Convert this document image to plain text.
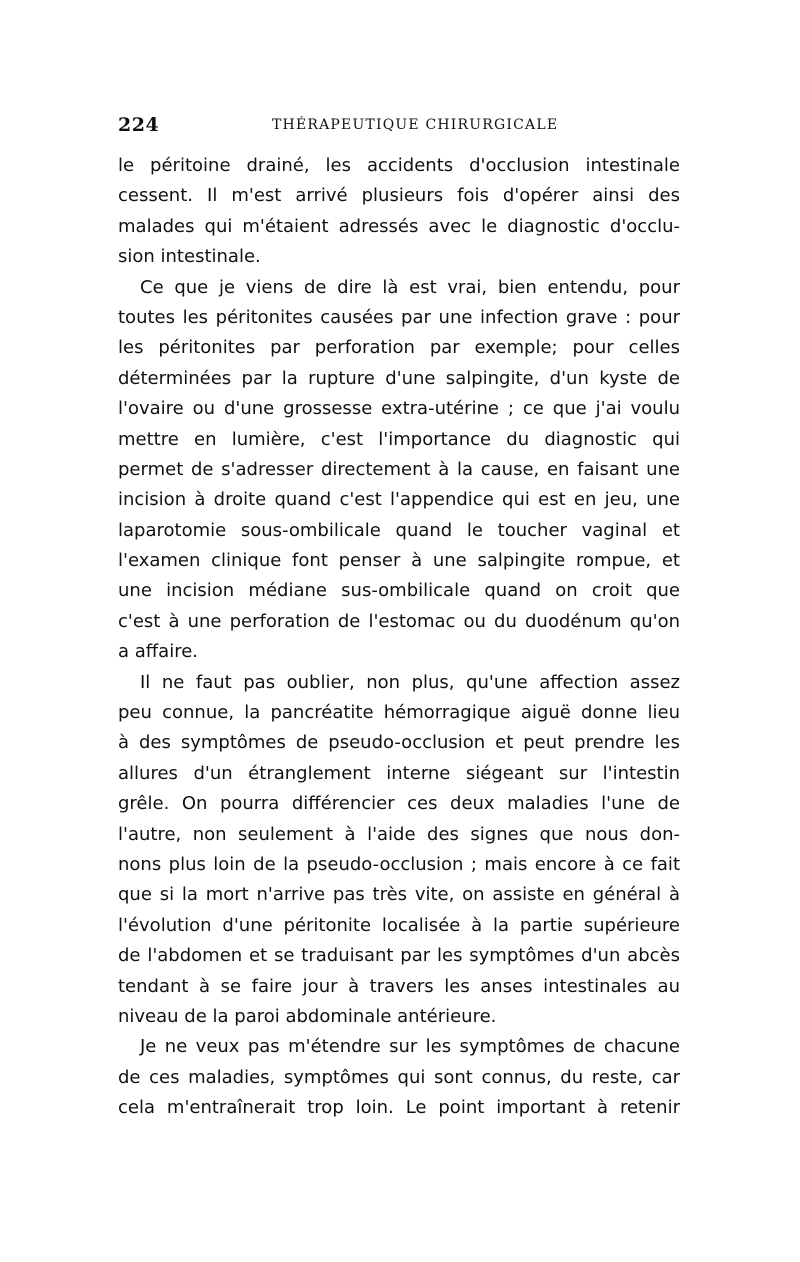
224	THÉRAPEUTIQUE CHIRURGICALE
le péritoine drainé, les accidents d'occlusion intestinale
cessent. Il m'est arrivé plusieurs fois d'opérer ainsi des
malades qui m'étaient adressés avec le diagnostic d'occlu-
sion intestinale.
Ce que je viens de dire là est vrai, bien entendu, pour
toutes les péritonites causées par une infection grave : pour
les péritonites par perforation par exemple; pour celles
déterminées par la rupture d'une salpingite, d'un kyste de
l'ovaire ou d'une grossesse extra-utérine ; ce que j'ai voulu
mettre en lumière, c'est l'importance du diagnostic qui
permet de s'adresser directement à la cause, en faisant une
incision à droite quand c'est l'appendice qui est en jeu, une
laparotomie sous-ombilicale quand le toucher vaginal et
l'examen clinique font penser à une salpingite rompue, et
une incision médiane sus-ombilicale quand on croit que
c'est à une perforation de l'estomac ou du duodénum qu'on
a affaire.
Il ne faut pas oublier, non plus, qu'une affection assez
peu connue, la pancréatite hémorragique aiguë donne lieu
à des symptômes de pseudo-occlusion et peut prendre les
allures d'un étranglement interne siégeant sur l'intestin
grêle. On pourra différencier ces deux maladies l'une de
l'autre, non seulement à l'aide des signes que nous don-
nons plus loin de la pseudo-occlusion ; mais encore à ce fait
que si la mort n'arrive pas très vite, on assiste en général à
l'évolution d'une péritonite localisée à la partie supérieure
de l'abdomen et se traduisant par les symptômes d'un abcès
tendant à se faire jour à travers les anses intestinales au
niveau de la paroi abdominale antérieure.
Je ne veux pas m'étendre sur les symptômes de chacune
de ces maladies, symptômes qui sont connus, du reste, car
cela m'entraînerait trop loin. Le point important à retenir
